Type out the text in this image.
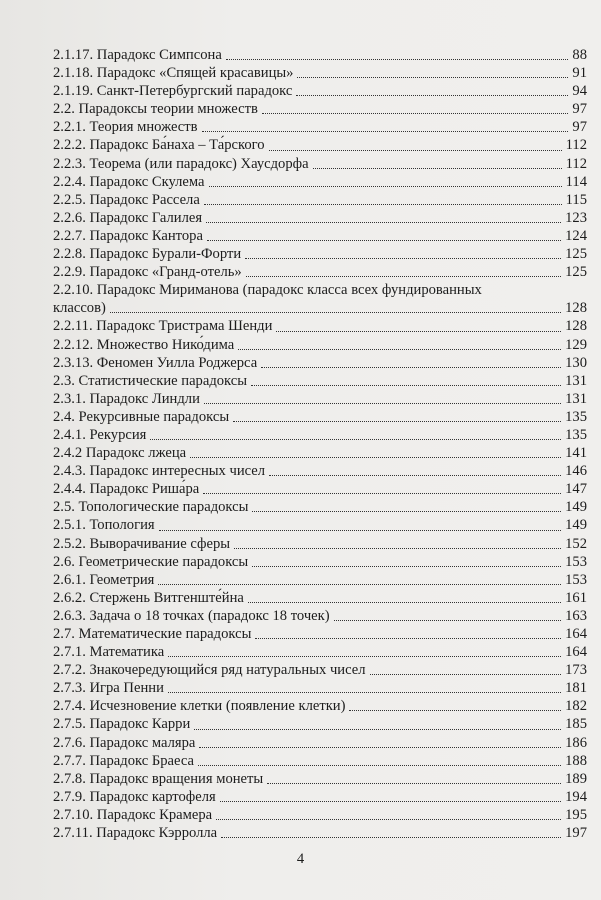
2.1.17. Парадокс Симпсона	88
2.1.18. Парадокс «Спящей красавицы»	91
2.1.19. Санкт-Петербургский парадокс	94
2.2. Парадоксы теории множеств	97
2.2.1. Теория множеств	97
2.2.2. Парадокс Ба́наха – Та́рского	112
2.2.3. Теорема (или парадокс) Хаусдорфа	112
2.2.4. Парадокс Скулема	114
2.2.5. Парадокс Рассела	115
2.2.6. Парадокс Галилея	123
2.2.7. Парадокс Кантора	124
2.2.8. Парадокс Бурали-Форти	125
2.2.9. Парадокс «Гранд-отель»	125
2.2.10. Парадокс Мириманова (парадокс класса всех фундированных
классов)	128
2.2.11. Парадокс Тристрама Шенди	128
2.2.12. Множество Нико́дима	129
2.3.13. Феномен Уилла Роджерса	130
2.3. Статистические парадоксы	131
2.3.1. Парадокс Линдли	131
2.4. Рекурсивные парадоксы	135
2.4.1. Рекурсия	135
2.4.2 Парадокс лжеца	141
2.4.3. Парадокс интересных чисел	146
2.4.4. Парадокс Риша́ра	147
2.5. Топологические парадоксы	149
2.5.1. Топология	149
2.5.2. Выворачивание сферы	152
2.6. Геометрические парадоксы	153
2.6.1. Геометрия	153
2.6.2. Стержень Витгенште́йна	161
2.6.3. Задача о 18 точках (парадокс 18 точек)	163
2.7. Математические парадоксы	164
2.7.1. Математика	164
2.7.2. Знакочередующийся ряд натуральных чисел	173
2.7.3. Игра Пенни	181
2.7.4. Исчезновение клетки (появление клетки)	182
2.7.5. Парадокс Карри	185
2.7.6. Парадокс маляра	186
2.7.7. Парадокс Браеса	188
2.7.8. Парадокс вращения монеты	189
2.7.9. Парадокс картофеля	194
2.7.10. Парадокс Крамера	195
2.7.11. Парадокс Кэрролла	197
4
